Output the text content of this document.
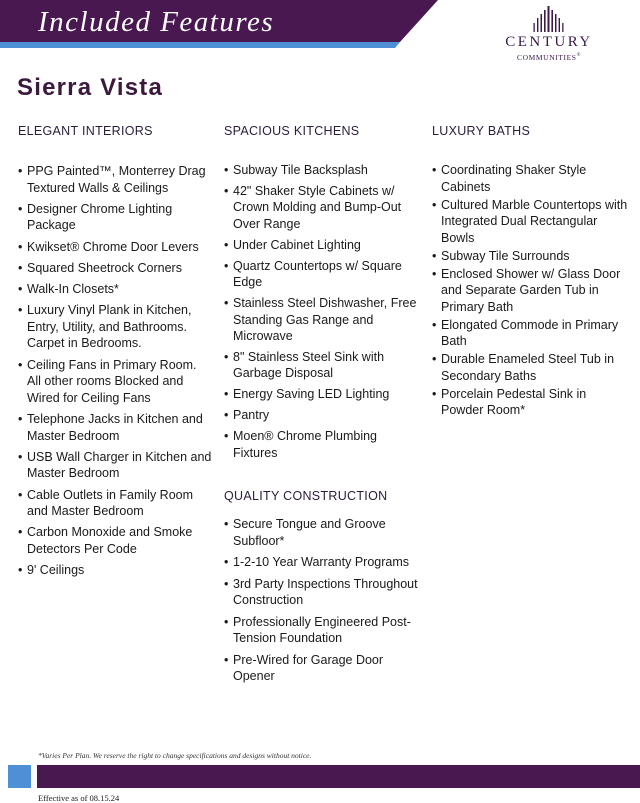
Included Features
CENTURY
COMMUNITIES®
Sierra Vista
ELEGANT INTERIORS
• PPG Painted™, Monterrey Drag Textured Walls & Ceilings
• Designer Chrome Lighting Package
• Kwikset® Chrome Door Levers
• Squared Sheetrock Corners
• Walk-In Closets*
• Luxury Vinyl Plank in Kitchen, Entry, Utility, and Bathrooms. Carpet in Bedrooms.
• Ceiling Fans in Primary Room. All other rooms Blocked and Wired for Ceiling Fans
• Telephone Jacks in Kitchen and Master Bedroom
• USB Wall Charger in Kitchen and Master Bedroom
• Cable Outlets in Family Room and Master Bedroom
• Carbon Monoxide and Smoke Detectors Per Code
• 9' Ceilings
SPACIOUS KITCHENS
• Subway Tile Backsplash
• 42" Shaker Style Cabinets w/ Crown Molding and Bump-Out Over Range
• Under Cabinet Lighting
• Quartz Countertops w/ Square Edge
• Stainless Steel Dishwasher, Free Standing Gas Range and Microwave
• 8" Stainless Steel Sink with Garbage Disposal
• Energy Saving LED Lighting
• Pantry
• Moen® Chrome Plumbing Fixtures
QUALITY CONSTRUCTION
• Secure Tongue and Groove Subfloor*
• 1-2-10 Year Warranty Programs
• 3rd Party Inspections Throughout Construction
• Professionally Engineered Post-Tension Foundation
• Pre-Wired for Garage Door Opener
LUXURY BATHS
• Coordinating Shaker Style Cabinets
• Cultured Marble Countertops with Integrated Dual Rectangular Bowls
• Subway Tile Surrounds
• Enclosed Shower w/ Glass Door and Separate Garden Tub in Primary Bath
• Elongated Commode in Primary Bath
• Durable Enameled Steel Tub in Secondary Baths
• Porcelain Pedestal Sink in Powder Room*
*Varies Per Plan. We reserve the right to change specifications and designs without notice.
Effective as of 08.15.24
